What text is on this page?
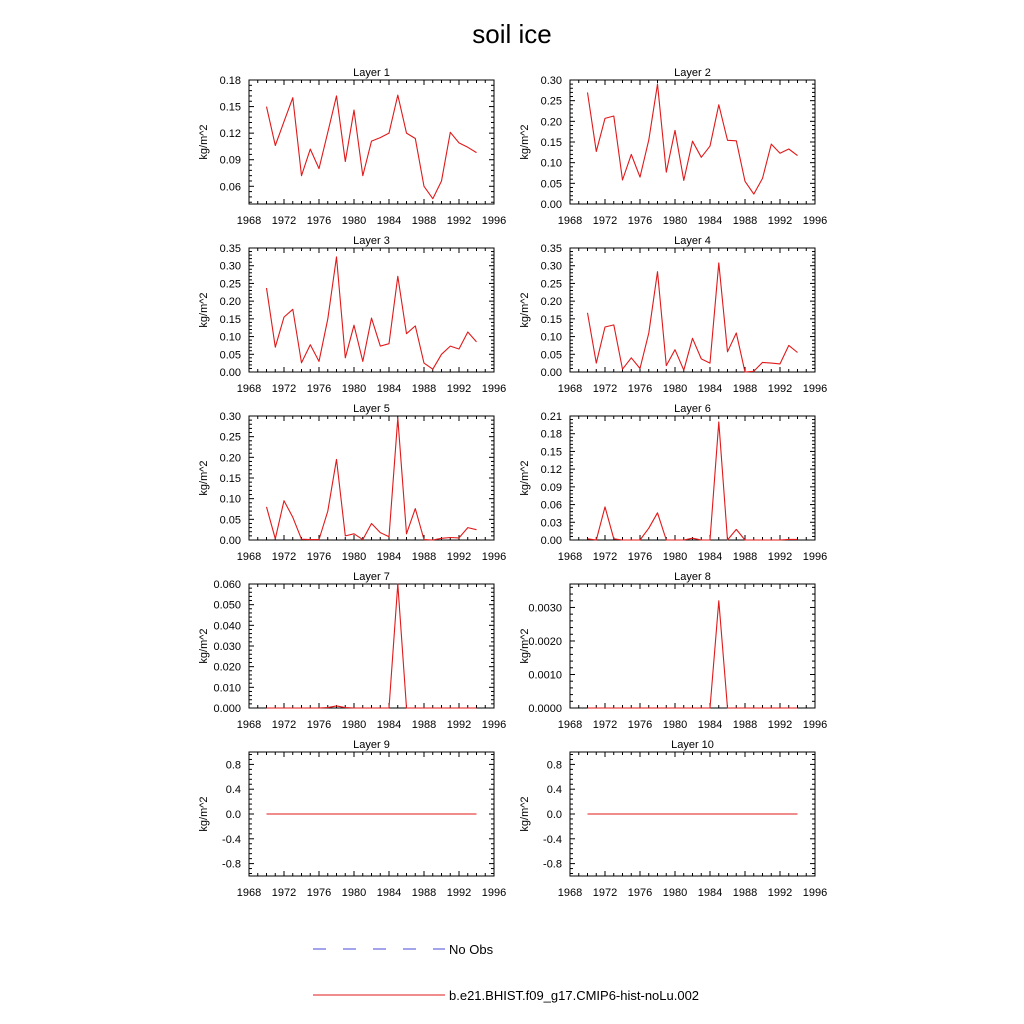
soil ice
Layer 1
kg/m^2
1968 1972 1976 1980 1984 1988 1992 1996
0.06
0.09
0.12
0.15
0.18
Layer 2
kg/m^2
1968 1972 1976 1980 1984 1988 1992 1996
0.00
0.05
0.10
0.15
0.20
0.25
0.30
Layer 3
kg/m^2
1968 1972 1976 1980 1984 1988 1992 1996
0.00
0.05
0.10
0.15
0.20
0.25
0.30
0.35
Layer 4
kg/m^2
1968 1972 1976 1980 1984 1988 1992 1996
0.00
0.05
0.10
0.15
0.20
0.25
0.30
0.35
Layer 5
kg/m^2
1968 1972 1976 1980 1984 1988 1992 1996
0.00
0.05
0.10
0.15
0.20
0.25
0.30
Layer 6
kg/m^2
1968 1972 1976 1980 1984 1988 1992 1996
0.00
0.03
0.06
0.09
0.12
0.15
0.18
0.21
Layer 7
kg/m^2
1968 1972 1976 1980 1984 1988 1992 1996
0.000
0.010
0.020
0.030
0.040
0.050
0.060
Layer 8
kg/m^2
1968 1972 1976 1980 1984 1988 1992 1996
0.0000
0.0010
0.0020
0.0030
Layer 9
kg/m^2
1968 1972 1976 1980 1984 1988 1992 1996
-0.8
-0.4
0.0
0.4
0.8
Layer 10
kg/m^2
1968 1972 1976 1980 1984 1988 1992 1996
-0.8
-0.4
0.0
0.4
0.8
No Obs
b.e21.BHIST.f09_g17.CMIP6-hist-noLu.002
